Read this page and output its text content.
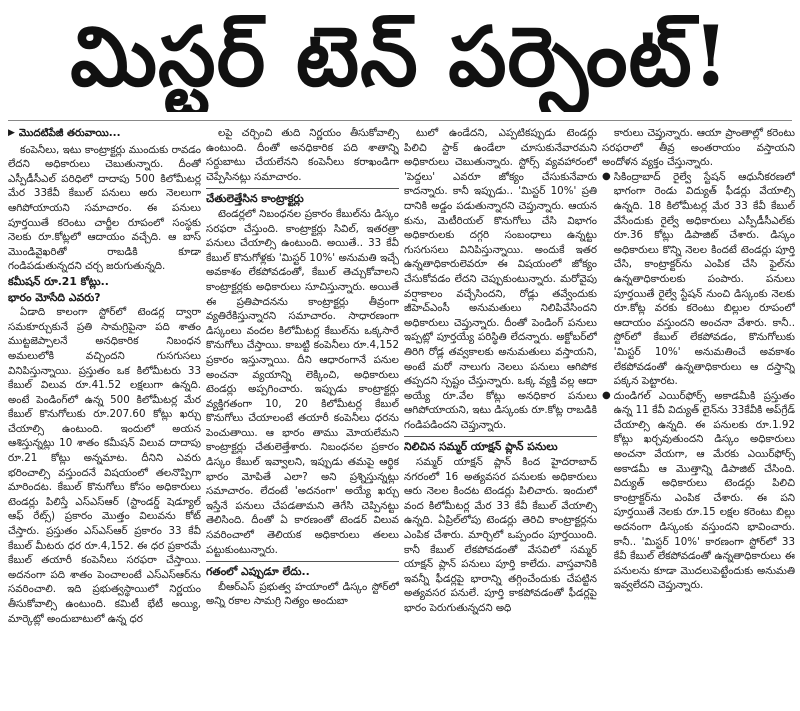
మిస్టర్ టెన్ పర్సెంట్!
▶ మొదటిపేజీ తరువాయి...

కంపెనీలు, ఇటు కాంట్రాక్టర్లు ముందుకు రావడం లేదని అధికారులు చెబుతున్నారు. దీంతో ఎస్పీడీసీఎల్ పరిధిలో దాదాపు 500 కిలోమీటర్ల మేర 33కేవీ కేబుల్ పనులు అరు నెలలుగా ఆగిపోయాయని సమాచారం. ఈ పనులు పూర్తయితే కరెంటు చార్జీల రూపంలో సంస్థకు నెలకు రూ.కోట్లలో ఆదాయం వచ్చేది. ఆ బాస్ మొండివైఖరితో రాబడికి కూడా గండిపడుతున్నదని చర్చ జరుగుతున్నది.

కమీషన్ రూ.21 కోట్లు..

భారం మోసేది ఎవరు?

ఏడాది కాలంగా స్టోర్‌లో టెండర్ల ద్వారా సమకూర్చుకునే ప్రతి సామగ్రిపైనా పది శాతం ముట్టజెప్పాలనే అనధికారిక నిబంధన అమలులోకి వచ్చిందని గుసగుసలు వినిపిస్తున్నాయి. ప్రస్తుతం ఒక కిలోమీటరు 33 కేబుల్ విలువ రూ.41.52 లక్షలుగా ఉన్నది. అంటే పెండింగ్‌లో ఉన్న 500 కిలోమీటర్ల మేర కేబుల్ కొనుగోలుకు రూ.207.60 కోట్లు ఖర్చు చేయాల్సి ఉంటుంది. ఇందులో అయన ఆశిస్తున్నట్లు 10 శాతం కమీషన్ విలువ దాదాపు రూ.21 కోట్లు అన్నమాట. దీనిని ఎవరు భరించాల్సి వస్తుందనే విషయంలో తలనొప్పిగా మారిందట. కేబుల్ కొనుగోలు కోసం అధికారులు టెండర్లు పిలిస్తే ఎస్ఎస్ఆర్ (స్టాండర్డ్ షెడ్యూల్ ఆఫ్ రేట్స్) ప్రకారం మొత్తం విలువను కోట్ చేస్తారు. ప్రస్తుతం ఎస్ఎస్ఆర్ ప్రకారం 33 కేవీ కేబుల్ మీటరు ధర రూ.4,152. ఈ ధర ప్రకారమే కేబుల్ తయారీ కంపెనీలు సరఫరా చేస్తాయి. అదనంగా పది శాతం పెంచాలంటే ఎస్ఎస్ఆర్‌ను సవరించాలి. ఇది ప్రభుత్వస్థాయిలో నిర్ణయం తీసుకోవాల్సి ఉంటుంది. కమిటీ భేటీ అయ్యి, మార్కెట్లో అందుబాటులో ఉన్న ధర

లపై చర్చించి తుది నిర్ణయం తీసుకోవాల్సి ఉంటుంది. దీంతో అనధికారిక పది శాతాన్ని సర్దుబాటు చేయలేనని కంపెనీలు కరాఖండిగా చెప్పేసినట్లు సమాచారం.

చేతులెత్తేసిన కాంట్రాక్టర్లు

టెండర్లలో నిబంధనల ప్రకారం కేబుల్‌ను డిస్కం సరఫరా చేస్తుంది. కాంట్రాక్టర్లు సివిల్, ఇతరత్రా పనులు చేయాల్సి ఉంటుంది. అయితే.. 33 కేవీ కేబుల్ కొనుగోళ్లకు 'మిస్టర్ 10%' అనుమతి ఇచ్చే అవకాశం లేకపోవడంతో, కేబుల్ తెచ్చుకోవాలని కాంట్రాక్టర్లకు అధికారులు సూచిస్తున్నారు. అయితే ఈ ప్రతిపాదనను కాంట్రాక్టర్లు తీవ్రంగా వ్యతిరేకిస్తున్నారని సమాచారం. సాధారణంగా డిస్కంలు వందల కిలోమీటర్ల కేబుల్‌ను ఒక్కసారే కొనుగోలు చేస్తాయి. కాబట్టి కంపెనీలు రూ.4,152 ప్రకారం ఇస్తున్నాయి. దీని ఆధారంగానే పనుల అంచనా వ్యయాన్ని లెక్కించి, అధికారులు టెండర్లు అప్పగించారు. ఇప్పుడు కాంట్రాక్టర్లు వ్యక్తిగతంగా 10, 20 కిలోమీటర్ల కేబుల్ కొనుగోలు చేయాలంటే తయారీ కంపెనీలు ధరను పెంచుతాయి. ఆ భారం తాము మోయలేమని కాంట్రాక్టర్లు చేతులెత్తేశారు. నిబంధనల ప్రకారం డిస్కం కేబుల్ ఇవ్వాలని, ఇప్పుడు తమపై ఆర్థిక భారం మోపితే ఎలా? అని ప్రశ్నిస్తున్నట్లు సమాచారం. లేదంటే 'అదనంగా' అయ్యే ఖర్చు ఇస్తేనే పనులు చేపడతామని తెగేసి చెప్పినట్టు తెలిసింది. దీంతో ఏ కారణంతో టెండర్ విలువ సవరించాలో తెలియక అధికారులు తలలు పట్టుకుంటున్నారు.

గతంలో ఎప్పుడూ లేదు..

బీఆర్ఎస్ ప్రభుత్వ హయాంలో డిస్కం స్టోర్‌లో అన్ని రకాల సామగ్రి నిత్యం అందుబా

టులో ఉండేదని, ఎప్పటికప్పుడు టెండర్లు పిలిచి స్టాక్ ఉండేలా చూసుకునేవారమని అధికారులు చెబుతున్నారు. స్టోర్స్ వ్యవహారంలో 'పెద్దలు' ఎవరూ జోక్యం చేసుకునేవారు కాదన్నారు. కానీ ఇప్పుడు.. 'మిస్టర్ 10%' ప్రతి దానికి అడ్డం పడుతున్నారని చెప్తున్నారు. ఆయన కును, మెటీరియల్ కొనుగోలు చేసి విభాగం అధికారులకు దగ్గరి సంబంధాలు ఉన్నట్టు గుసగుసలు వినిపిస్తున్నాయి. అందుకే ఇతర ఉన్నతాధికారులెవరూ ఈ విషయంలో జోక్యం చేసుకోవడం లేదని చెప్పుకుంటున్నారు. మరోవైపు వర్షాకాలం వచ్చేసిందని, రోడ్లు తవ్వేందుకు జీహెచ్ఎంసీ అనుమతులు నిలిపివేసిందని అధికారులు చెప్తున్నారు. దీంతో పెండింగ్ పనులు ఇప్పట్లో పూర్తయ్యే పరిస్థితి లేదన్నారు. అక్టోబర్‌లో తిరిగి రోడ్ల తవ్వకాలకు అనుమతులు వస్తాయని, అంటే మరో నాలుగు నెలలు పనులు ఆగిపోక తప్పదని స్పష్టం చేస్తున్నారు. ఒక్క వ్యక్తి వల్ల ఆదా అయ్యే రూ.వేల కోట్లు అనధికార పనులు ఆగిపోయాయని, ఇటు డిస్కంకు రూ.కోట్ల రాబడికి గండిపడిందని చెప్తున్నారు.

నిలిచిన సమ్మర్ యాక్షన్ ప్లాన్ పనులు

సమ్మర్ యాక్షన్ ప్లాన్ కింద హైదరాబాద్ నగరంలో 16 అత్యవసర పనులకు అధికారులు ఆరు నెలల కిందట టెండర్లు పిలిచారు. ఇందులో వంద కిలోమీటర్ల మేర 33 కేవీ కేబుల్ వేయాల్సి ఉన్నది. ఏప్రిల్‌లోపు టెండర్లు తెరిచి కాంట్రాక్టర్లను ఎంపిక చేశారు. మార్చిలో ఒప్పందం పూర్తయింది. కానీ కేబుల్ లేకపోవడంతో వేసవిలో సమ్మర్ యాక్షన్ ప్లాన్ పనులు పూర్తి కాలేదు. వాస్తవానికి ఇవన్నీ ఫీడర్లపై భారాన్ని తగ్గించేందుకు చేపట్టిన అత్యవసర పనులే. పూర్తి కాకపోవడంతో ఫీడర్లపై భారం పెరుగుతున్నదని అధి

కారులు చెప్తున్నారు. ఆయా ప్రాంతాల్లో కరెంటు సరఫరాలో తీవ్ర అంతరాయం వస్తాయని అందోళన వ్యక్తం చేస్తున్నారు.

● సికింద్రాబాద్ రైల్వే స్టేషన్ ఆధునీకరణలో భాగంగా రెండు విద్యుత్ ఫీడర్లు వేయాల్సి ఉన్నది. 18 కిలోమీటర్ల మేర 33 కేవీ కేబుల్ వేసేందుకు రైల్వే అధికారులు ఎస్పీడీసీఎల్‌కు రూ.36 కోట్లు డిపాజిట్ చేశారు. డిస్కం అధికారులు కొన్ని నెలల కిందటే టెండర్లు పూర్తి చేసి, కాంట్రాక్టర్‌ను ఎంపిక చేసి ఫైల్‌ను ఉన్నతాధికారులకు పంపారు. పనులు పూర్తయితే రైల్వే స్టేషన్ నుంచి డిస్కంకు నెలకు రూ.కోట్ల వరకు కరెంటు బిల్లుల రూపంలో ఆదాయం వస్తుందని అంచనా వేశారు. కానీ.. స్టోర్‌లో కేబుల్ లేకపోవడం, కొనుగోలుకు 'మిస్టర్ 10%' అనుమతించే అవకాశం లేకపోవడంతో ఉన్నతాధికారులు ఆ దస్త్రాన్ని పక్కన పెట్టారట.
● దుండిగల్ ఎయిర్‌ఫోర్స్ అకాడమీకి ప్రస్తుతం ఉన్న 11 కేవీ విద్యుత్ లైన్‌ను 33కేవీకి అప్‌గ్రేడ్ చేయాల్సి ఉన్నది. ఈ పనులకు రూ.1.92 కోట్లు ఖర్చవుతుందని డిస్కం అధికారులు అంచనా వేయగా, ఆ మేరకు ఎయిర్‌ఫోర్స్ అకాడమీ ఆ మొత్తాన్ని డిపాజిట్ చేసింది. విద్యుత్ అధికారులు టెండర్లు పిలిచి కాంట్రాక్టర్‌ను ఎంపిక చేశారు. ఈ పని పూర్తయితే నెలకు రూ.15 లక్షల కరెంటు బిల్లు అదనంగా డిస్కంకు వస్తుందని భావించారు. కానీ.. 'మిస్టర్ 10%' కారణంగా స్టోర్‌లో 33 కేవీ కేబుల్ లేకపోవడంతో ఉన్నతాధికారులు ఈ పనులను కూడా మొదలుపెట్టేందుకు అనుమతి ఇవ్వలేదని చెప్తున్నారు.
